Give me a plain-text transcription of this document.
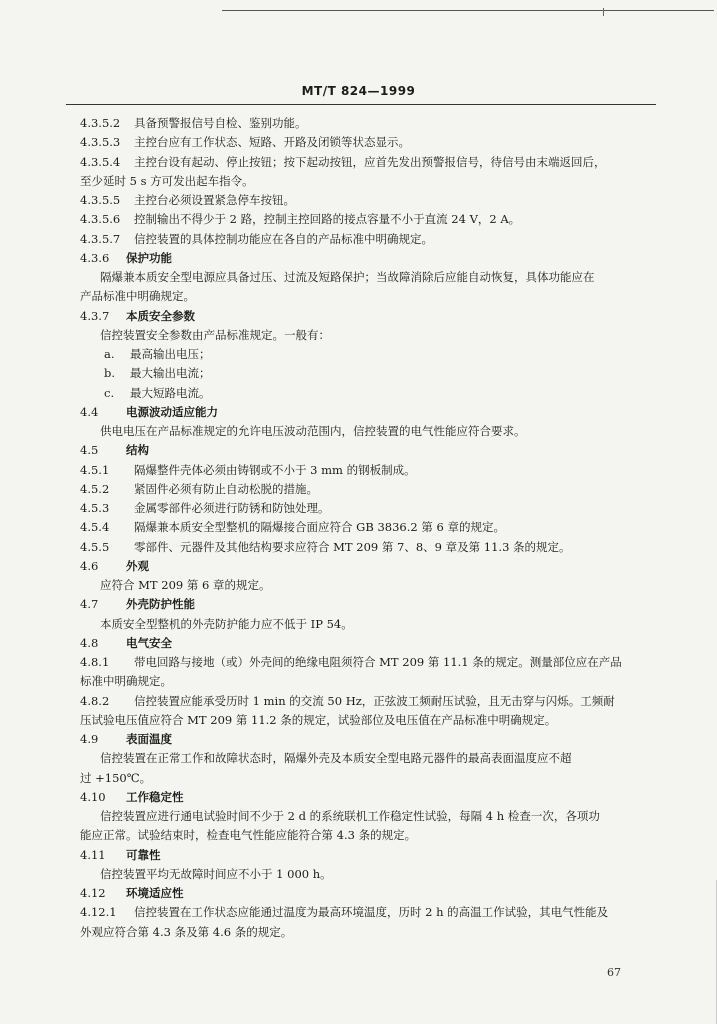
MT/T 824—1999
4.3.5.2 具备预警报信号自检、鉴别功能。
4.3.5.3 主控台应有工作状态、短路、开路及闭锁等状态显示。
4.3.5.4 主控台设有起动、停止按钮；按下起动按钮，应首先发出预警报信号，待信号由末端返回后，
至少延时 5 s 方可发出起车指令。
4.3.5.5 主控台必须设置紧急停车按钮。
4.3.5.6 控制输出不得少于 2 路，控制主控回路的接点容量不小于直流 24 V，2 A。
4.3.5.7 信控装置的具体控制功能应在各自的产品标准中明确规定。
4.3.6 保护功能
隔爆兼本质安全型电源应具备过压、过流及短路保护；当故障消除后应能自动恢复，具体功能应在
产品标准中明确规定。
4.3.7 本质安全参数
信控装置安全参数由产品标准规定。一般有：
a. 最高输出电压；
b. 最大输出电流；
c. 最大短路电流。
4.4 电源波动适应能力
供电电压在产品标准规定的允许电压波动范围内，信控装置的电气性能应符合要求。
4.5 结构
4.5.1 隔爆整件壳体必须由铸钢或不小于 3 mm 的钢板制成。
4.5.2 紧固件必须有防止自动松脱的措施。
4.5.3 金属零部件必须进行防锈和防蚀处理。
4.5.4 隔爆兼本质安全型整机的隔爆接合面应符合 GB 3836.2 第 6 章的规定。
4.5.5 零部件、元器件及其他结构要求应符合 MT 209 第 7、8、9 章及第 11.3 条的规定。
4.6 外观
应符合 MT 209 第 6 章的规定。
4.7 外壳防护性能
本质安全型整机的外壳防护能力应不低于 IP 54。
4.8 电气安全
4.8.1 带电回路与接地（或）外壳间的绝缘电阻须符合 MT 209 第 11.1 条的规定。测量部位应在产品
标准中明确规定。
4.8.2 信控装置应能承受历时 1 min 的交流 50 Hz，正弦波工频耐压试验，且无击穿与闪烁。工频耐
压试验电压值应符合 MT 209 第 11.2 条的规定，试验部位及电压值在产品标准中明确规定。
4.9 表面温度
信控装置在正常工作和故障状态时，隔爆外壳及本质安全型电路元器件的最高表面温度应不超
过 +150℃。
4.10 工作稳定性
信控装置应进行通电试验时间不少于 2 d 的系统联机工作稳定性试验，每隔 4 h 检查一次，各项功
能应正常。试验结束时，检查电气性能应能符合第 4.3 条的规定。
4.11 可靠性
信控装置平均无故障时间应不小于 1 000 h。
4.12 环境适应性
4.12.1 信控装置在工作状态应能通过温度为最高环境温度，历时 2 h 的高温工作试验，其电气性能及
外观应符合第 4.3 条及第 4.6 条的规定。
67
